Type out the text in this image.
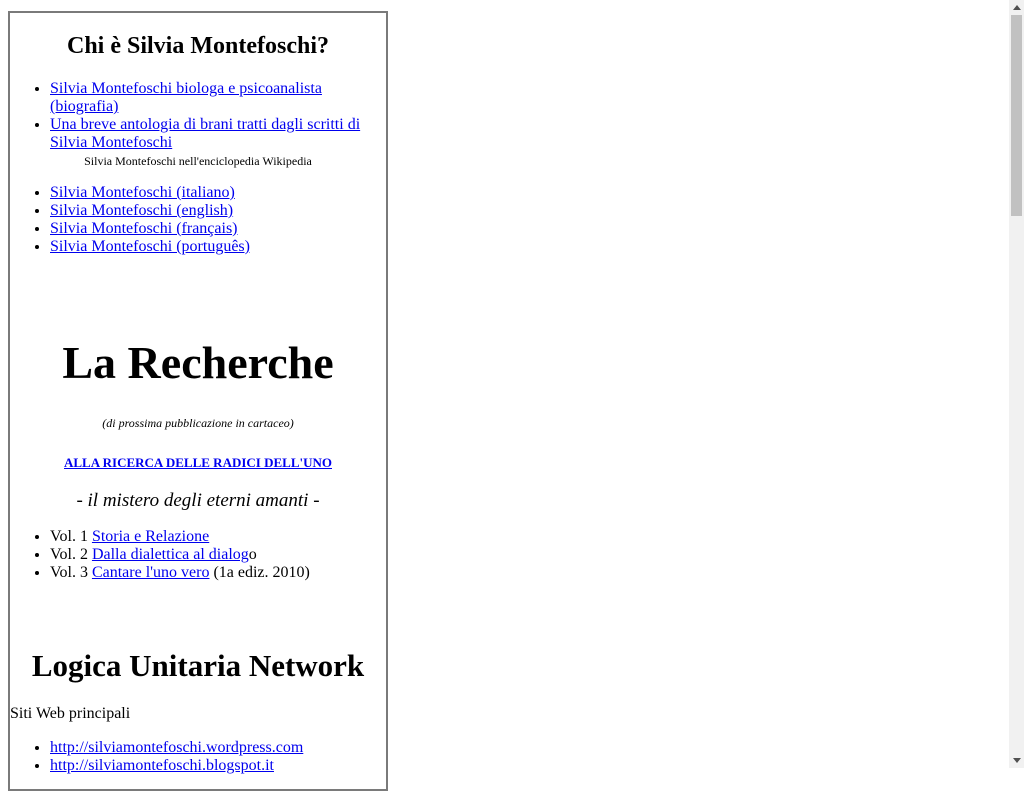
Chi è Silvia Montefoschi?
• Silvia Montefoschi biologa e psicoanalista (biografia)
• Una breve antologia di brani tratti dagli scritti di Silvia Montefoschi

Silvia Montefoschi nell'enciclopedia Wikipedia

• Silvia Montefoschi (italiano)
• Silvia Montefoschi (english)
• Silvia Montefoschi (français)
• Silvia Montefoschi (português)
La Recherche

(di prossima pubblicazione in cartaceo)

ALLA RICERCA DELLE RADICI DELL'UNO

- il mistero degli eterni amanti -

• Vol. 1 Storia e Relazione
• Vol. 2 Dalla dialettica al dialogo
• Vol. 3 Cantare l'uno vero (1a ediz. 2010)
Logica Unitaria Network
Siti Web principali
• http://silviamontefoschi.wordpress.com
• http://silviamontefoschi.blogspot.it
